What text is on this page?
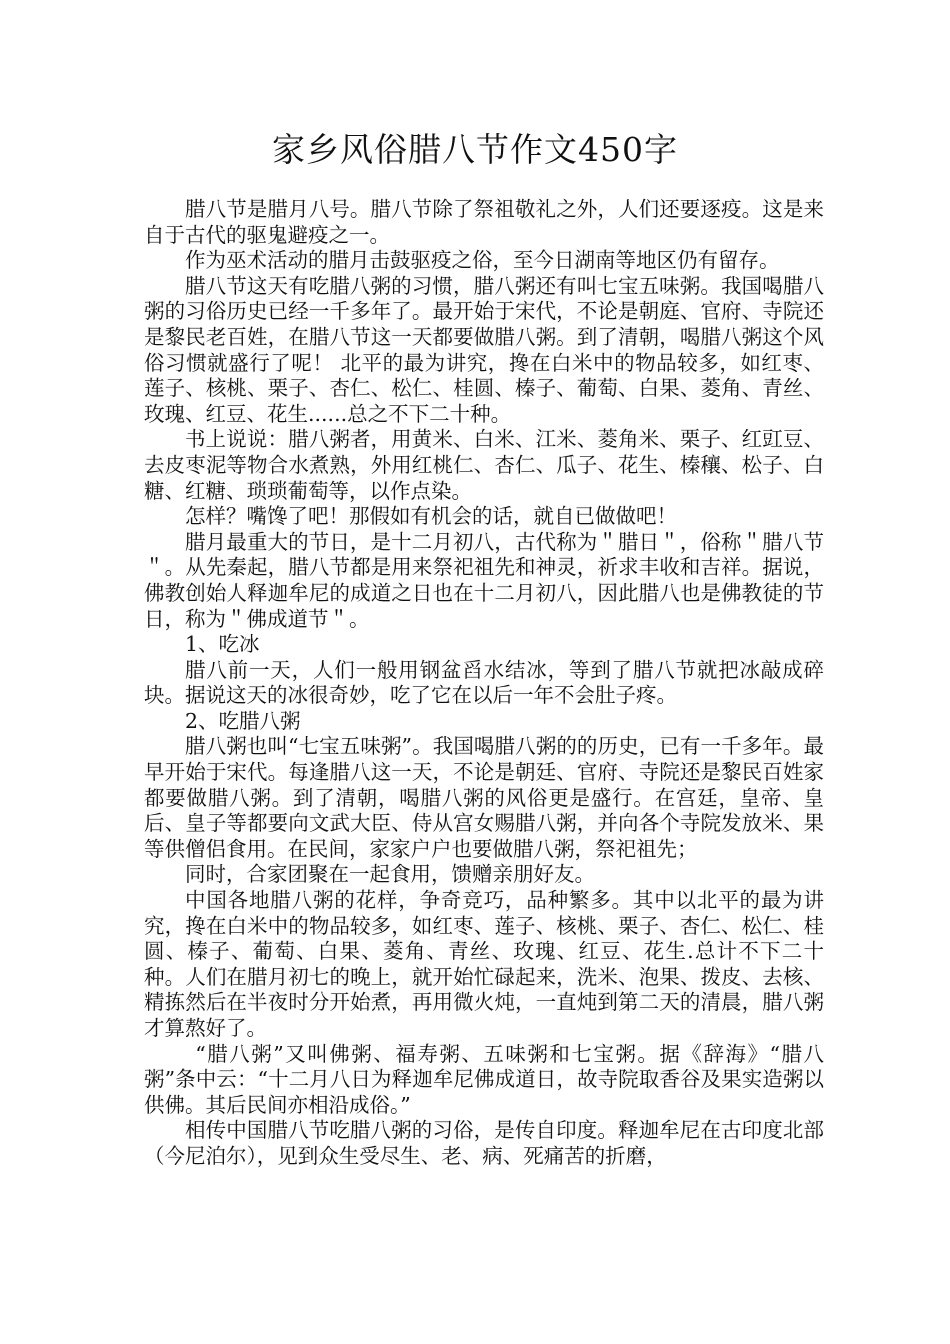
家乡风俗腊八节作文450字

腊八节是腊月八号。腊八节除了祭祖敬礼之外，人们还要逐疫。这是来自于古代的驱鬼避疫之一。

作为巫术活动的腊月击鼓驱疫之俗，至今日湖南等地区仍有留存。

腊八节这天有吃腊八粥的习惯，腊八粥还有叫七宝五味粥。我国喝腊八粥的习俗历史已经一千多年了。最开始于宋代，不论是朝庭、官府、寺院还是黎民老百姓，在腊八节这一天都要做腊八粥。到了清朝，喝腊八粥这个风俗习惯就盛行了呢！ 北平的最为讲究，搀在白米中的物品较多，如红枣、莲子、核桃、栗子、杏仁、松仁、桂圆、榛子、葡萄、白果、菱角、青丝、玫瑰、红豆、花生......总之不下二十种。

书上说说：腊八粥者，用黄米、白米、江米、菱角米、栗子、红豇豆、去皮枣泥等物合水煮熟，外用红桃仁、杏仁、瓜子、花生、榛穰、松子、白糖、红糖、琐琐葡萄等，以作点染。

怎样？嘴馋了吧！那假如有机会的话，就自已做做吧！

腊月最重大的节日，是十二月初八，古代称为＂腊日＂，俗称＂腊八节＂。从先秦起，腊八节都是用来祭祀祖先和神灵，祈求丰收和吉祥。据说，佛教创始人释迦牟尼的成道之日也在十二月初八，因此腊八也是佛教徒的节日，称为＂佛成道节＂。

1、吃冰

腊八前一天，人们一般用钢盆舀水结冰，等到了腊八节就把冰敲成碎块。据说这天的冰很奇妙，吃了它在以后一年不会肚子疼。

2、吃腊八粥

腊八粥也叫“七宝五味粥”。我国喝腊八粥的的历史，已有一千多年。最早开始于宋代。每逢腊八这一天，不论是朝廷、官府、寺院还是黎民百姓家都要做腊八粥。到了清朝，喝腊八粥的风俗更是盛行。在宫廷，皇帝、皇后、皇子等都要向文武大臣、侍从宫女赐腊八粥，并向各个寺院发放米、果等供僧侣食用。在民间，家家户户也要做腊八粥，祭祀祖先；

同时，合家团聚在一起食用，馈赠亲朋好友。

中国各地腊八粥的花样，争奇竞巧，品种繁多。其中以北平的最为讲究，搀在白米中的物品较多，如红枣、莲子、核桃、栗子、杏仁、松仁、桂圆、榛子、葡萄、白果、菱角、青丝、玫瑰、红豆、花生.总计不下二十种。人们在腊月初七的晚上，就开始忙碌起来，洗米、泡果、拨皮、去核、精拣然后在半夜时分开始煮，再用微火炖，一直炖到第二天的清晨，腊八粥才算熬好了。

“腊八粥”又叫佛粥、福寿粥、五味粥和七宝粥。据《辞海》“腊八粥”条中云：“十二月八日为释迦牟尼佛成道日，故寺院取香谷及果实造粥以供佛。其后民间亦相沿成俗。”

相传中国腊八节吃腊八粥的习俗，是传自印度。释迦牟尼在古印度北部（今尼泊尔），见到众生受尽生、老、病、死痛苦的折磨，
